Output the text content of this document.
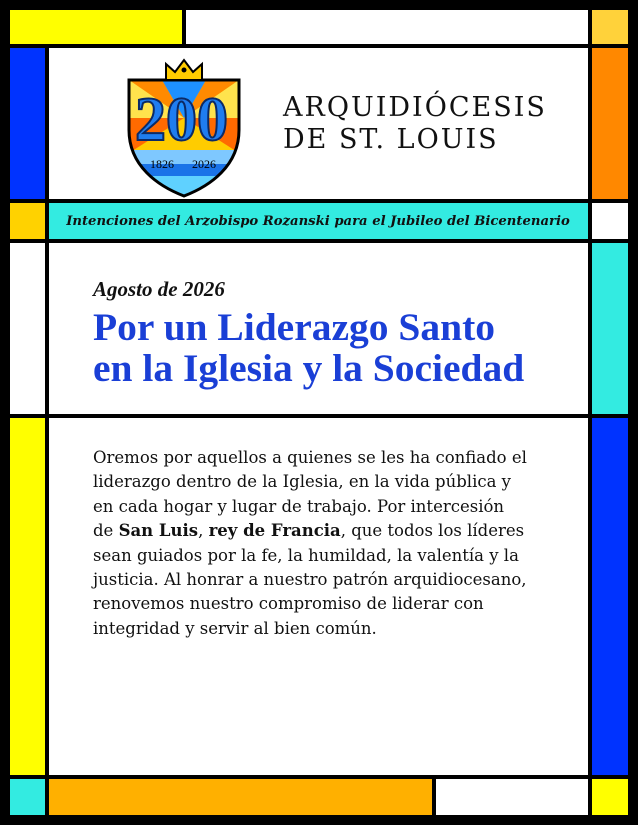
200
1826 2026
ARQUIDIÓCESIS
DE ST. LOUIS
Intenciones del Arzobispo Rozanski para el Jubileo del Bicentenario
Agosto de 2026
Por un Liderazgo Santo
en la Iglesia y la Sociedad
Oremos por aquellos a quienes se les ha confiado el
liderazgo dentro de la Iglesia, en la vida pública y
en cada hogar y lugar de trabajo. Por intercesión
de San Luis, rey de Francia, que todos los líderes
sean guiados por la fe, la humildad, la valentía y la
justicia. Al honrar a nuestro patrón arquidiocesano,
renovemos nuestro compromiso de liderar con
integridad y servir al bien común.
